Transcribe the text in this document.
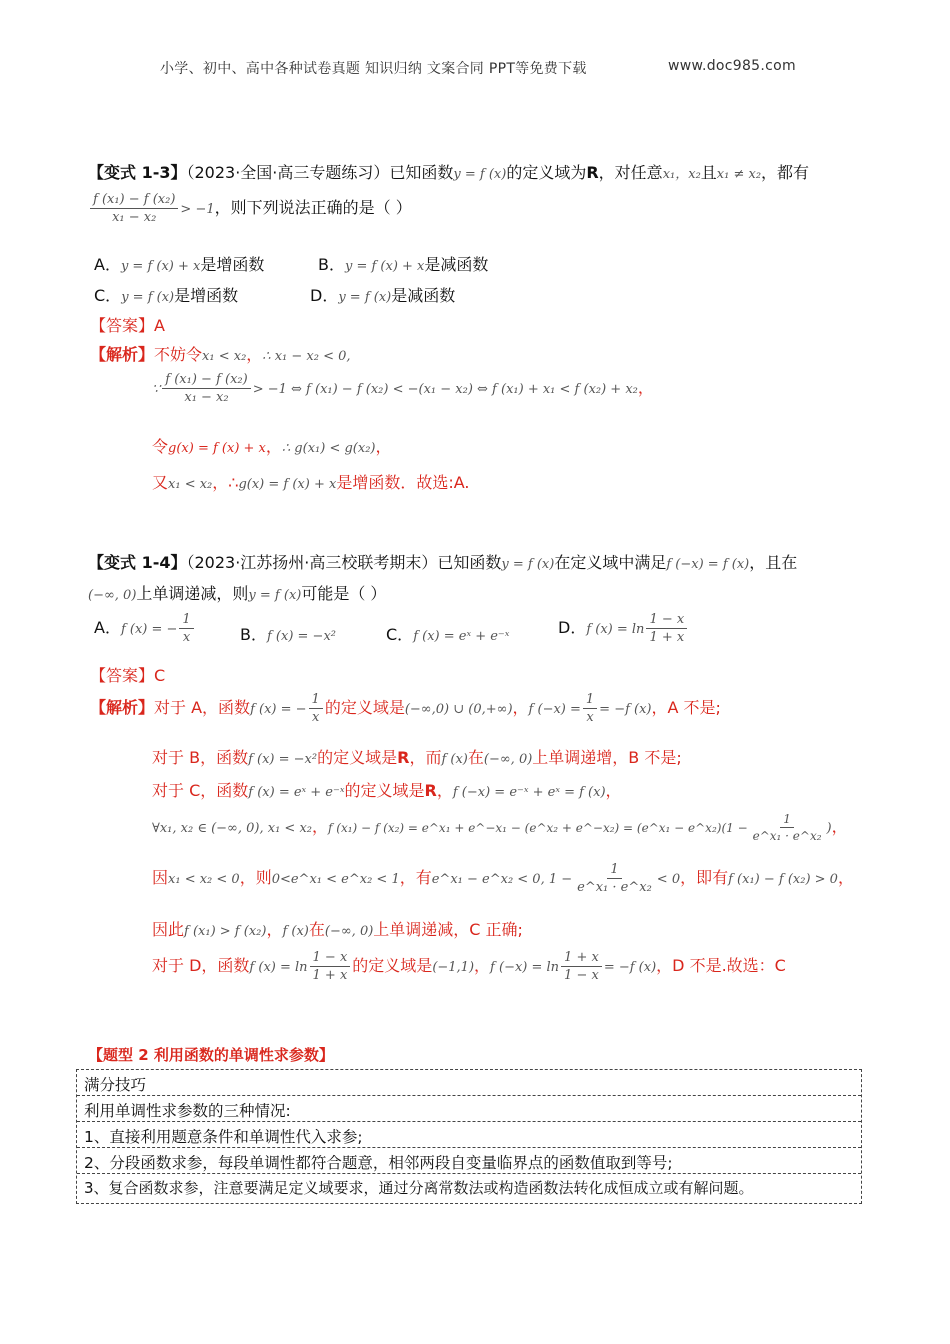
小学、初中、高中各种试卷真题 知识归纳 文案合同 PPT等免费下载	www.doc985.com
【变式 1-3】（2023·全国·高三专题练习）已知函数y = f (x)的定义域为R，对任意x₁，x₂且x₁ ≠ x₂，都有
$\frac{\text{f (x₁) − f (x₂)}}{\text{x₁ − x₂}} > -1$，则下列说法正确的是（ ）
A．y = f (x) + x是增函数	B．y = f (x) + x是减函数
C．y = f (x)是增函数	D．y = f (x)是减函数
【答案】A
【解析】不妨令x₁ < x₂，∴ x₁ − x₂ < 0,
∵ $\frac{\text{f (x₁) − f (x₂)}}{\text{x₁ − x₂}} > -1$ ⇔ f (x₁) − f (x₂) < −(x₁ − x₂) ⇔ f (x₁) + x₁ < f (x₂) + x₂，
令g(x) = f (x) + x，∴ g(x₁) < g(x₂)，
又x₁ < x₂，∴g(x) = f (x) + x是增函数．故选:A.
【变式 1-4】（2023·江苏扬州·高三校联考期末）已知函数y = f (x)在定义域中满足f (−x) = f (x)，且在
(−∞, 0)上单调递减，则y = f (x)可能是（ ）
A．f (x) = − $\frac{1}{x}$	B．f (x) = −x²	C．f (x) = eˣ + e⁻ˣ	D．f $(x) = \ln \frac{1 - x}{1 + x}$
【答案】C
【解析】对于 A，函数f (x) = − $\frac{1}{x}$ 的定义域是(−∞,0) ∪ (0,+∞)，f $(-x) = \frac{1}{x} = -f$ (x)，A 不是;
对于 B，函数f (x) = −x²的定义域是R，而f (x)在(−∞, 0)上单调递增，B 不是;
对于 C，函数f (x) = eˣ + e⁻ˣ的定义域是R，f (−x) = e⁻ˣ + eˣ = f (x)，
∀x₁, x₂ ∈ (−∞, 0), x₁ < x₂，f (x₁) − f (x₂) = e^x₁ + e^−x₁ − (e^x₂ + e^−x₂) = (e^x₁ − e^x₂)(1 − $\frac{1}{\text{e\textasciicircum{}x₁ · e\textasciicircum{}x₂}}$ )，
因x₁ < x₂ < 0，则0<e^x₁ < e^x₂ < 1，有e^x₁ − e^x₂ < 0, $1 - \frac{1}{\text{e\textasciicircum{}x₁ · e\textasciicircum{}x₂}} < 0$，即有f (x₁) − f (x₂) > 0，
因此f (x₁) > f (x₂)，f (x)在(−∞, 0)上单调递减，C 正确;
对于 D，函数f $(x) = \ln \frac{1 - x}{1 + x}$ 的定义域是(−1,1)，f $(-x) = \ln \frac{1 + x}{1 - x} = -f$ (x)，D 不是.故选：C
【题型 2 利用函数的单调性求参数】
满分技巧
利用单调性求参数的三种情况:
1、直接利用题意条件和单调性代入求参;
2、分段函数求参，每段单调性都符合题意，相邻两段自变量临界点的函数值取到等号;
3、复合函数求参，注意要满足定义域要求，通过分离常数法或构造函数法转化成恒成立或有解问题。
